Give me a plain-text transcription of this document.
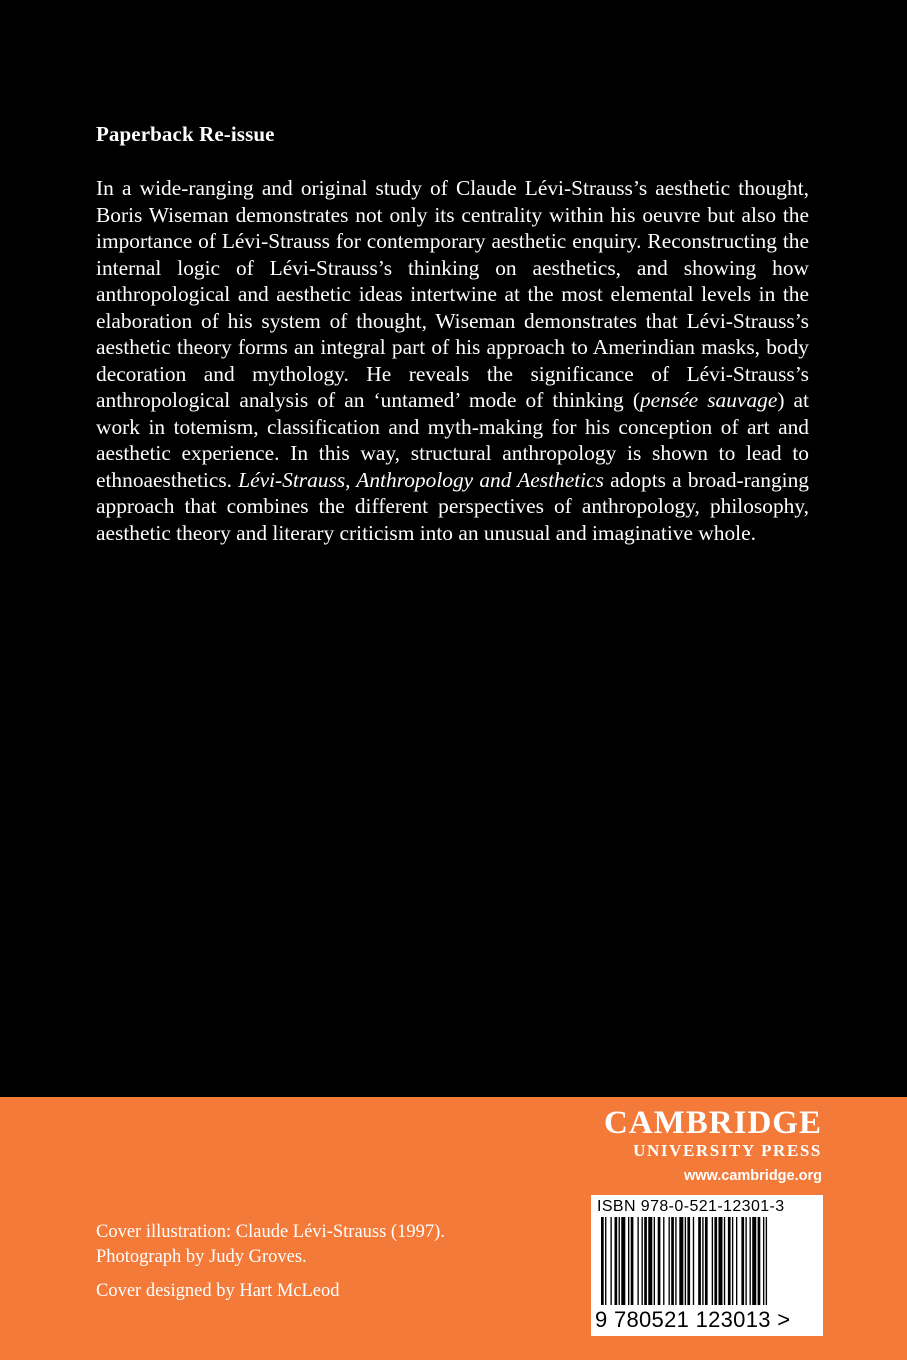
Paperback Re-issue

In a wide-ranging and original study of Claude Lévi-Strauss’s aesthetic thought, Boris Wiseman demonstrates not only its centrality within his oeuvre but also the importance of Lévi-Strauss for contemporary aesthetic enquiry. Reconstructing the internal logic of Lévi-Strauss’s thinking on aesthetics, and showing how anthropological and aesthetic ideas intertwine at the most elemental levels in the elaboration of his system of thought, Wiseman demonstrates that Lévi-Strauss’s aesthetic theory forms an integral part of his approach to Amerindian masks, body decoration and mythology. He reveals the significance of Lévi-Strauss’s anthropological analysis of an ‘untamed’ mode of thinking (pensée sauvage) at work in totemism, classification and myth-making for his conception of art and aesthetic experience. In this way, structural anthropology is shown to lead to ethnoaesthetics. Lévi-Strauss, Anthropology and Aesthetics adopts a broad-ranging approach that combines the different perspectives of anthropology, philosophy, aesthetic theory and literary criticism into an unusual and imaginative whole.

CAMBRIDGE
UNIVERSITY PRESS
www.cambridge.org
ISBN 978-0-521-12301-3
9 780521 123013 >
Cover illustration: Claude Lévi-Strauss (1997).
Photograph by Judy Groves.
Cover designed by Hart McLeod
